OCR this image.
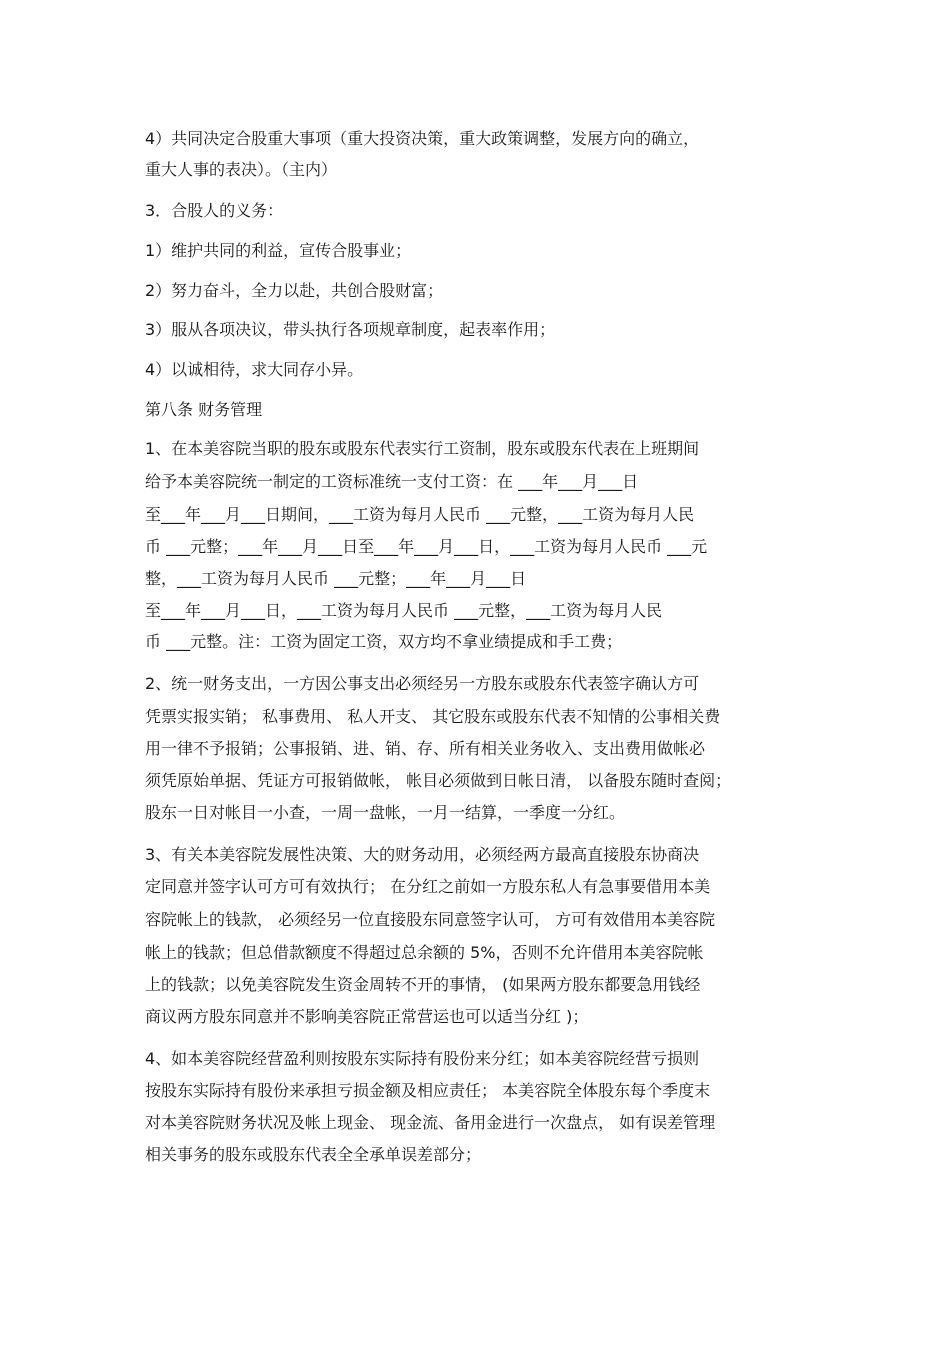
4）共同决定合股重大事项（重大投资决策，重大政策调整，发展方向的确立，
重大人事的表决）。（主内）
3．合股人的义务：
1）维护共同的利益，宣传合股事业；
2）努力奋斗，全力以赴，共创合股财富；
3）服从各项决议，带头执行各项规章制度，起表率作用；
4）以诚相待，求大同存小异。
第八条 财务管理
1、在本美容院当职的股东或股东代表实行工资制，股东或股东代表在上班期间
给予本美容院统一制定的工资标准统一支付工资：在 ___年___月___日
至___年___月___日期间，___工资为每月人民币 ___元整，___工资为每月人民
币 ___元整；___年___月___日至___年___月___日，___工资为每月人民币 ___元
整，___工资为每月人民币 ___元整；___年___月___日
至___年___月___日，___工资为每月人民币 ___元整，___工资为每月人民
币 ___元整。注：工资为固定工资，双方均不拿业绩提成和手工费；
2、统一财务支出，一方因公事支出必须经另一方股东或股东代表签字确认方可
凭票实报实销； 私事费用、 私人开支、 其它股东或股东代表不知情的公事相关费
用一律不予报销；公事报销、进、销、存、所有相关业务收入、支出费用做帐必
须凭原始单据、凭证方可报销做帐， 帐目必须做到日帐日清， 以备股东随时查阅；
股东一日对帐目一小查，一周一盘帐，一月一结算，一季度一分红。
3、有关本美容院发展性决策、大的财务动用，必须经两方最高直接股东协商决
定同意并签字认可方可有效执行； 在分红之前如一方股东私人有急事要借用本美
容院帐上的钱款， 必须经另一位直接股东同意签字认可， 方可有效借用本美容院
帐上的钱款；但总借款额度不得超过总余额的 5%，否则不允许借用本美容院帐
上的钱款；以免美容院发生资金周转不开的事情， (如果两方股东都要急用钱经
商议两方股东同意并不影响美容院正常营运也可以适当分红 )；
4、如本美容院经营盈利则按股东实际持有股份来分红；如本美容院经营亏损则
按股东实际持有股份来承担亏损金额及相应责任； 本美容院全体股东每个季度末
对本美容院财务状况及帐上现金、 现金流、备用金进行一次盘点， 如有误差管理
相关事务的股东或股东代表全全承单误差部分；
